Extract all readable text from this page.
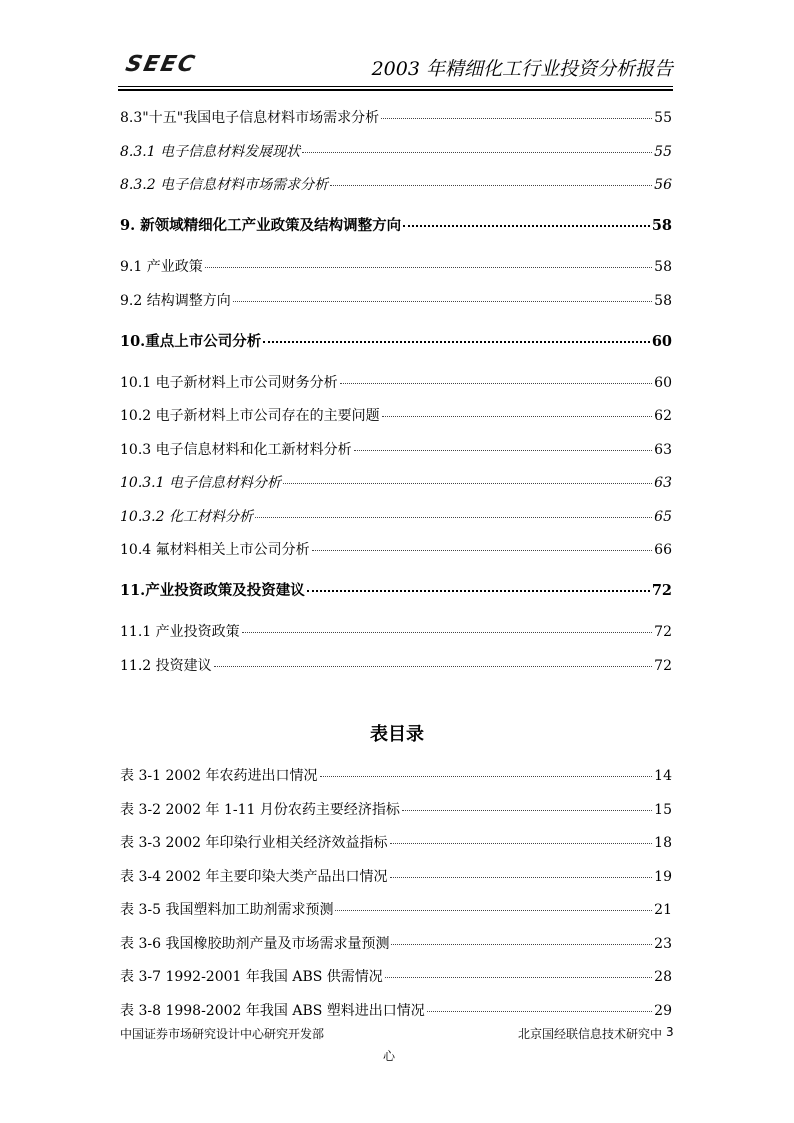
SEEC	2003 年精细化工行业投资分析报告
8.3"十五"我国电子信息材料市场需求分析	55
8.3.1 电子信息材料发展现状	55
8.3.2 电子信息材料市场需求分析	56
9. 新领域精细化工产业政策及结构调整方向	58
9.1 产业政策	58
9.2 结构调整方向	58
10.重点上市公司分析	60
10.1 电子新材料上市公司财务分析	60
10.2 电子新材料上市公司存在的主要问题	62
10.3 电子信息材料和化工新材料分析	63
10.3.1 电子信息材料分析	63
10.3.2 化工材料分析	65
10.4 氟材料相关上市公司分析	66
11.产业投资政策及投资建议	72
11.1 产业投资政策	72
11.2 投资建议	72
表目录
表 3-1 2002 年农药进出口情况	14
表 3-2 2002 年 1-11 月份农药主要经济指标	15
表 3-3 2002 年印染行业相关经济效益指标	18
表 3-4 2002 年主要印染大类产品出口情况	19
表 3-5 我国塑料加工助剂需求预测	21
表 3-6 我国橡胶助剂产量及市场需求量预测	23
表 3-7 1992-2001 年我国 ABS 供需情况	28
表 3-8 1998-2002 年我国 ABS 塑料进出口情况	29
中国证券市场研究设计中心研究开发部	北京国经联信息技术研究中 3
心
